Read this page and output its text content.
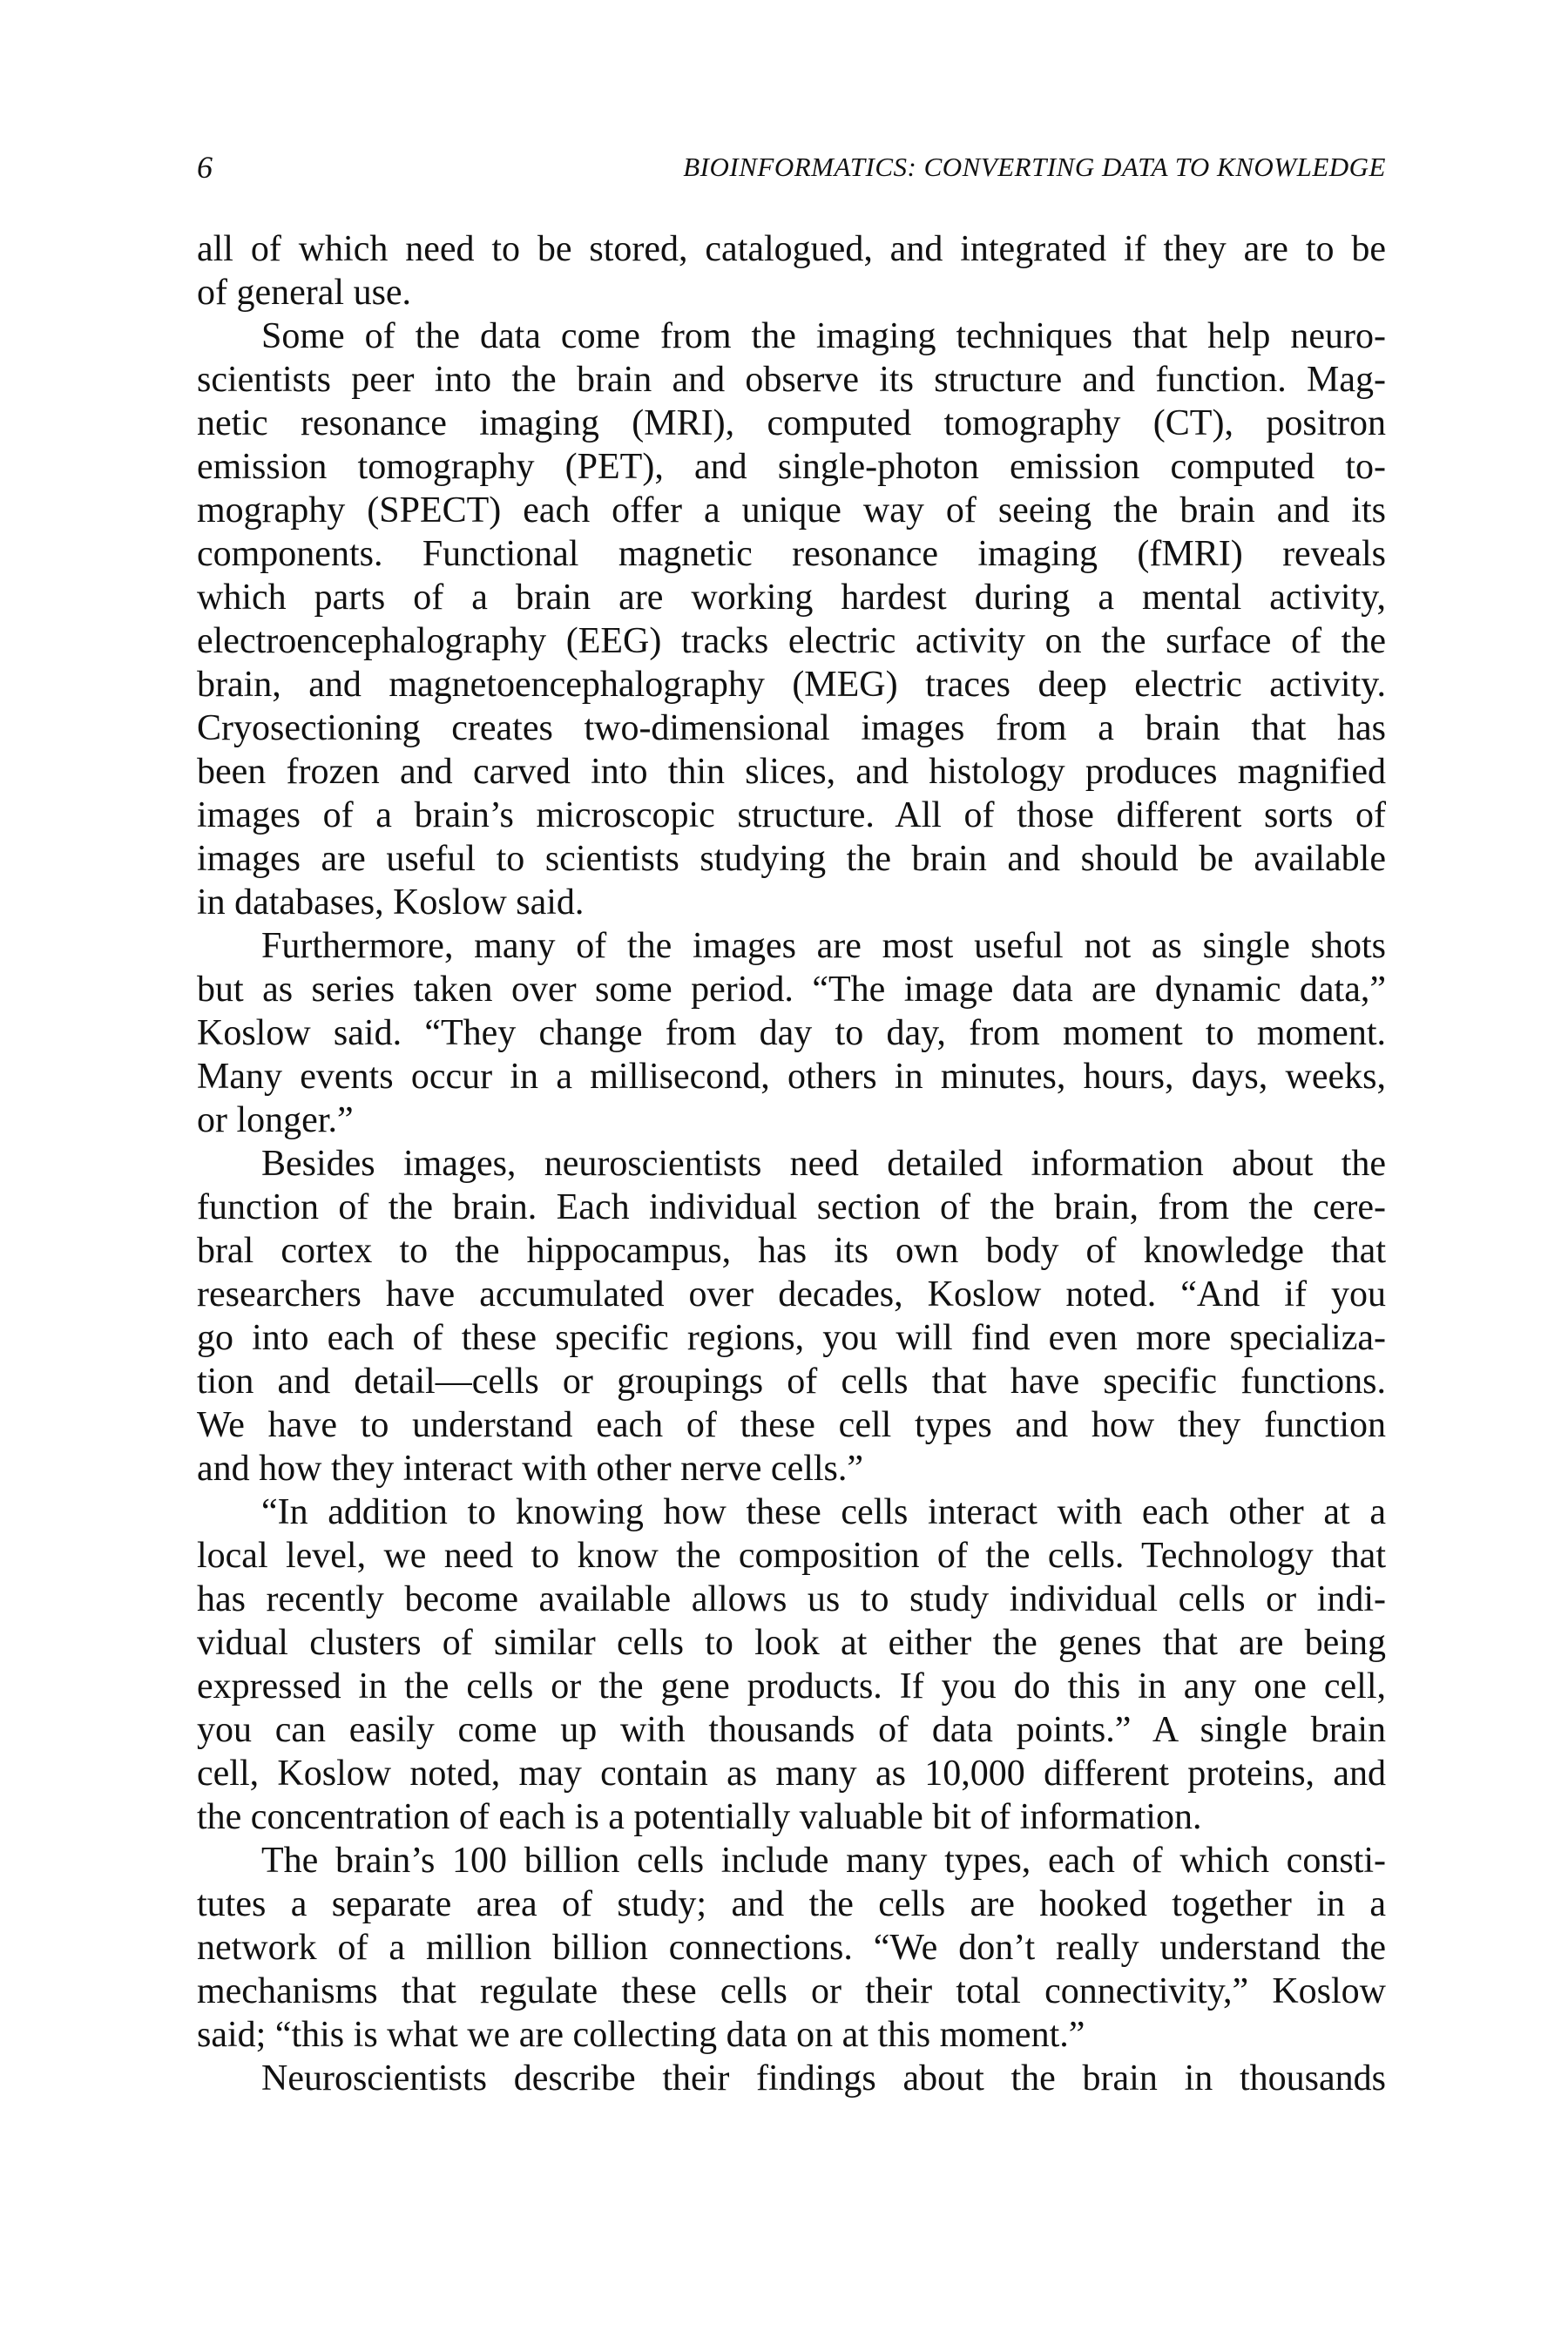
6	BIOINFORMATICS: CONVERTING DATA TO KNOWLEDGE
all of which need to be stored, catalogued, and integrated if they are to be
of general use.
Some of the data come from the imaging techniques that help neuro-
scientists peer into the brain and observe its structure and function. Mag-
netic resonance imaging (MRI), computed tomography (CT), positron
emission tomography (PET), and single-photon emission computed to-
mography (SPECT) each offer a unique way of seeing the brain and its
components. Functional magnetic resonance imaging (fMRI) reveals
which parts of a brain are working hardest during a mental activity,
electroencephalography (EEG) tracks electric activity on the surface of the
brain, and magnetoencephalography (MEG) traces deep electric activity.
Cryosectioning creates two-dimensional images from a brain that has
been frozen and carved into thin slices, and histology produces magnified
images of a brain’s microscopic structure. All of those different sorts of
images are useful to scientists studying the brain and should be available
in databases, Koslow said.
Furthermore, many of the images are most useful not as single shots
but as series taken over some period. “The image data are dynamic data,”
Koslow said. “They change from day to day, from moment to moment.
Many events occur in a millisecond, others in minutes, hours, days, weeks,
or longer.”
Besides images, neuroscientists need detailed information about the
function of the brain. Each individual section of the brain, from the cere-
bral cortex to the hippocampus, has its own body of knowledge that
researchers have accumulated over decades, Koslow noted. “And if you
go into each of these specific regions, you will find even more specializa-
tion and detail—cells or groupings of cells that have specific functions.
We have to understand each of these cell types and how they function
and how they interact with other nerve cells.”
“In addition to knowing how these cells interact with each other at a
local level, we need to know the composition of the cells. Technology that
has recently become available allows us to study individual cells or indi-
vidual clusters of similar cells to look at either the genes that are being
expressed in the cells or the gene products. If you do this in any one cell,
you can easily come up with thousands of data points.” A single brain
cell, Koslow noted, may contain as many as 10,000 different proteins, and
the concentration of each is a potentially valuable bit of information.
The brain’s 100 billion cells include many types, each of which consti-
tutes a separate area of study; and the cells are hooked together in a
network of a million billion connections. “We don’t really understand the
mechanisms that regulate these cells or their total connectivity,” Koslow
said; “this is what we are collecting data on at this moment.”
Neuroscientists describe their findings about the brain in thousands
